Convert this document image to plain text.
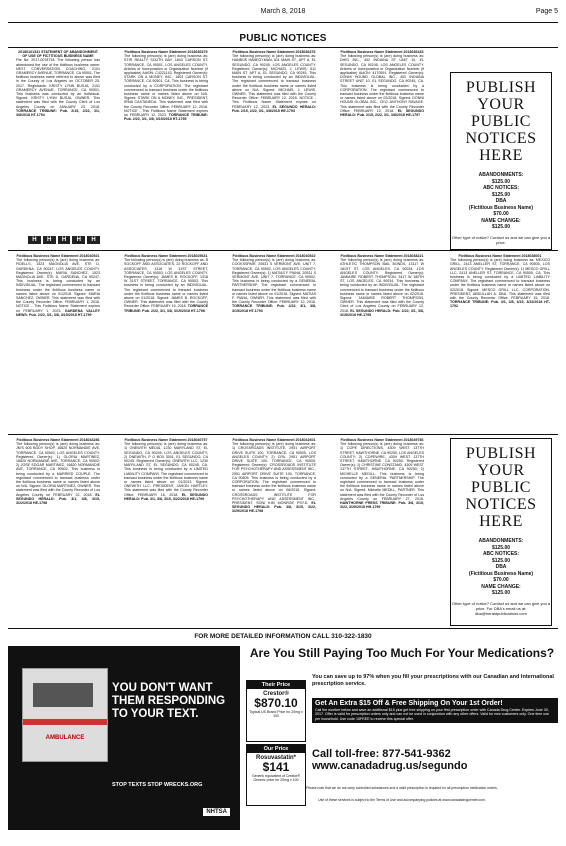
March 8, 2018	Page 5
PUBLIC NOTICES
20180161331 STATEMENT OF ABANDONMENT OF USE OF FICTITIOUS BUSINESS NAME
File No: 2017-0078734. The following person has abandoned the use of the fictitious business name: NEXT CONVERSATION COACHING, 2101 GRAMERCY AVENUE, TORRANCE, CA 90501. The fictitious business name referred to above was filed in the County of Los Angeles on OCTOBER 25, 2017. Registrants: KRISTY LYNN BUSJA, 2101 GRAMERCY AVENUE, TORRANCE, CA 90501. This business was conducted by an Individual. Signed: KRISTY LYNN BUSJA, OWNER. This statement was filed with the County Clerk of Los Angeles County on JANUARY 23, 2018. TORRANCE TRIBUNE: Pub. 2/15, 2/22, 3/1, 3/8/2018 HT-1794
Fictitious Business Name Statement 2018036379
The following person(s) is (are) doing business as: STIR REALTY SOUTH BAY, 1603 CARSON ST. TORRANCE, CA 90501, LOS ANGELES COUNTY. Articles of Incorporation or Organization Number (if applicable) AI#ON: C4221143. Registered Owner(s): STARK ON A MONEY, INC., 1603 CARSON ST. TORRANCE, CA 90501, CA. This business is being conducted by a CORPORATION. The registrant commenced to transact business under the fictitious business name or names listed above on N/A. Signed: STARK ON A MONEY, INC., PRESIDENT, IRMA CASTANEDA. This statement was filed with the County Recorder Office: FEBRUARY 12, 2018. NOTICE - This Fictitious Name Statement expires on FEBRUARY 12, 2023. TORRANCE TRIBUNE: Pub. 2/22, 3/1, 3/8, 3/15/2018 HT-1795
Fictitious Business Name Statement 2018036376
The following person(s) is (are) doing business as: HANBOK HANEGYMAN, 611 MAIN ST., APT A, EL SEGUNDO, CA 90245, LOS ANGELES COUNTY. Registered Owner(s): MICHAEL J. LEWIS, 611 MAIN ST. APT A, EL SEGUNDO, CA 90245. This business is being conducted by an INDIVIDUAL. The registrant commenced to transact business under the fictitious business name or names listed above on N/A. Signed: MICHAEL J. LEWIS, OWNER. This statement was filed with the County Recorder Office: FEBRUARY 12, 2018. NOTICE - This Fictitious Name Statement expires on FEBRUARY 12, 2023. EL SEGUNDO HERALD: Pub. 2/15, 2/22, 3/1, 3/8/2018 HE-1793
Fictitious Business Name Statement 2018036443
The following person(s) is (are) doing business as: DHIG INC., 402 INDIANA ST UNIT 10, EL SEGUNDO, CA 90245, LOS ANGELES COUNTY. Articles of Incorporation or Organization Number (if applicable) AI#ON: 4170591. Registered Owner(s): DONNI HOUND GLOBAL INC., 402 INDIANA STREET UNIT 10, EL SEGUNDO, CA 90245, CA. This business is being conducted by a CORPORATION. The registrant commenced to transact business under the fictitious business name or names listed above on 02/2018. Signed: DONNI HOUND GLOBAL INC., CEO, ANTHONY RAVAGE. This statement was filed with the County Recorder Office: FEBRUARY 12, 2018. EL SEGUNDO HERALD: Pub. 2/15, 2/22, 3/1, 3/8/2018 HE-1797
H	H	H	H	H
PUBLISH
YOUR
PUBLIC
NOTICES
HERE
ABANDONMENTS:
$125.00
ABC NOTICES:
$125.00
DBA
(Fictitious Business Name)
$70.00
NAME CHANGE:
$125.00
Other type of notice? Contact us and we can give you a price.
Fictitious Business Name Statement 2018040521
The following person(s) is (are) doing business as: FIDELLS, 1523 MAGNOLIA AVE, STE D, GARDENA, CA 90247, LOS ANGELES COUNTY. Registered Owner(s): MARIA SANCHEZ, 1523 MAGNOLIA AVE, STE D, GARDENA, CA 90247. This business is being conducted by an INDIVIDUAL. The registrant commenced to transact business under the fictitious business name or names listed above on 01/2018. Signed: MARIA SANCHEZ, OWNER. This statement was filed with the County Recorder Office: FEBRUARY 1, 2018. NOTICE - This Fictitious Name Statement expires on FEBRUARY 1, 2023. GARDENA VALLEY NEWS: Pub. 2/22, 3/1, 3/8, 3/15/2018 HT-1799
Fictitious Business Name Statement 2018025631
The following person(s) is (are) doing business as: B SOCKOFF AND ASSOCIATES, 22 ROCKOFF AND ASSOCIATES, 1318 W 31ST STREET, TORRANCE, CA 90503, LOS ANGELES COUNTY. Registered Owner(s): JAMES B. ROCKOFF, 1318 W 31ST STREET, TORRANCE, CA 90503. This business is being conducted by an INDIVIDUAL. The registrant commenced to transact business under the fictitious business name or names listed above on 01/2018. Signed: JAMES B. ROCKOFF, OWNER. This statement was filed with the County Recorder Office: FEBRUARY 15, 2018. TORRANCE TRIBUNE: Pub. 2/22, 3/1, 3/8, 3/15/2018 HT-1798
Fictitious Business Name Statement 2018040522
The following person(s) is (are) doing business as: COOKSSPAIR, 20531 S VERMONT AVE, UNIT 7, TORRANCE, CA 90502, LOS ANGELES COUNTY. Registered Owner(s): 1) MATIAS F PIANA, 20531 S VERMONT AVE, UNIT 7, TORRANCE, CA 90502. This business is being conducted by a GENERAL PARTNERSHIP. The registrant commenced to transact business under the fictitious business name or names listed above on 01/2018. Signed: MATIAS F. PIANA, OWNER. This statement was filed with the County Recorder Office: FEBRUARY 12, 2018. TORRANCE TRIBUNE: Pub. 2/22, 3/1, 3/8, 3/15/2018 HT-1793
Fictitious Business Name Statement 2018038221
The following person(s) is (are) doing business as: ATHLETIC THOMPSON BAIL BONDS, 13117 W 181ST ST, LOS ANGELES, CA 90034, LOS ANGELES COUNTY. Registered Owner(s): JAMIAIRE ROBERT THOMPSON, 3417 W 180TH ST, LOS ANGELES, CA 90034. This business is being conducted by an INDIVIDUAL. The registrant commenced to transact business under the fictitious business name or names listed above on 02/2018. Signed: JAMIAIRE ROBERT THOMPSON, OWNER. This statement was filed with the County Clerk of Los Angeles County on FEBRUARY 12, 2018. EL SEGUNDO HERALD: Pub. 2/22, 3/1, 3/8, 3/15/2018 HE-1795
Fictitious Business Name Statement 2018038001
The following person(s) is (are) doing business as: MEXICO GRILL, 2413 ANELLER ST, TORRANCE, CA 90505, LOS ANGELES COUNTY. Registered Owner(s): 1) MESCO GRILL LLC, 2413 ANELLER ST, TORRANCE, CA 90505, CA. This business is being conducted by a LIMITED LIABILITY COMPANY. The registrant commenced to transact business under the fictitious business name or names listed above on 02/2018. Signed: MESCO GRILL LLC, CORPORATION, PRESIDENT, ABDULLAH A. DBA. This statement was filed with the County Recorder Office: FEBRUARY 15, 2018. TORRANCE TRIBUNE: Pub. 3/1, 3/8, 3/15, 3/22/2018 HT-1792
Fictitious Business Name Statement 2018044286
The following person(s) is (are) doing business as: JM'S 605 BODY SHOP, 16820 NORMANDIE AVE, TORRANCE, CA 90502, LOS ANGELES COUNTY. Registered Owner(s): 1) GLORIA MARTINEZ, 16820 NORMANDIE AVE, TORRANCE, CA 90502; 2) JOSE EDGAR MARTINEZ, 16820 NORMANDIE AVE, TORRANCE, CA 90502. This business is being conducted by a MARRIED COUPLE. The registrant commenced to transact business under the fictitious business name or names listed above on N/A. Signed: GLORIA MARTINEZ, OWNER. This statement was filed with the County Recorder of Los Angeles County on FEBRUARY 22, 2018. EL SEGUNDO HERALD: Pub. 3/1, 3/8, 3/15, 3/22/2018 HE-1798
Fictitious Business Name Statement 2018040757
The following person(s) is (are) doing business as: 1) ONEWITH MEDIA, 1230 MARYLAND ST, EL SEGUNDO, CA 90245, LOS ANGELES COUNTY; 2) ONEWITH, P O BOX 3001, EL SEGUNDO, CA 90245. Registered Owner(s): ONEWITH LLC, 1230 MARYLAND ST, EL SEGUNDO, CA 90245, CA. This business is being conducted by a LIMITED LIABILITY COMPANY. The registrant commenced to transact business under the fictitious business name or names listed above on: 01/2013. Signed: ONEWITH LLC, PRESIDENT, JASON HARTLEY. This statement was filed with the County Recorder Office: FEBRUARY 16, 2018. EL SEGUNDO HERALD: Pub. 3/1, 3/8, 3/15, 3/22/2018 HE-1799
Fictitious Business Name Statement 2018042601
The following person(s) is (are) doing business as: 1) CROSSROADS INSTITUTE, 2951 AIRPORT DRIVE SUITE 100, TORRANCE, CA 90505, LOS ANGELES COUNTY; 2) CPA, 2951 AIRPORT DRIVE SUITE 100, TORRANCE, CA 90505. Registered Owner(s): CROSSROADS INSTITUTE FOR PSYCHOTHERAPY AND ASSESSMENT INC., 2951 AIRPORT DRIVE SUITE 100, TORRANCE, CA 90505. This business is being conducted by a CORPORATION. The registrant commenced to transact business under the fictitious business name or names listed above on 06/2015. Signed: CROSSROADS INSTITUTE FOR PSYCHOTHERAPY AND ASSESSMENT INC., PRESIDENT, SONI KIM MONROE PSY.D. EL SEGUNDO HERALD: Pub. 3/8, 3/15, 3/22, 3/29/2018 HE-1798
Fictitious Business Name Statement 2018049786
The following person(s) is (are) doing business as: 1) COPE DIRECTIONS, 4309 WEST 137TH STREET, HAWTHORNE, CA 90250, LOS ANGELES COUNTY; 2) COPEWIRE, 4309 WEST 137TH STREET, HAWTHORNE, CA 90250. Registered Owner(s): 1) CHRISTINE CONSTAND, 4309 WEST 137TH STREET, HAWTHORNE, CA 90250; 2) MICHELLE MEDILL. This business is being conducted by a GENERAL PARTNERSHIP. The registrant commenced to transact business under the fictitious business name or names listed above on N/A. Signed: Michelle MEDILL, PARTNER. This statement was filed with the County Recorder of Los Angeles County on FEBRUARY 27, 2018. HAWTHORNE PRESS TRIBUNE: Pub. 3/8, 3/15, 3/22, 3/29/2018 HH-1799
PUBLISH
YOUR
PUBLIC
NOTICES
HERE
ABANDONMENTS:
$125.00
ABC NOTICES:
$125.00
DBA
(Fictitious Business Name)
$70.00
NAME CHANGE:
$125.00
Other type of notice? Contact us and we can give you a price. For DBA's email us at: dba@heraldpublications.com
FOR MORE DETAILED INFORMATION CALL 310-322-1830
AMBULANCE
YOU DON'T WANT THEM RESPONDING TO YOUR TEXT.
STOP TEXTS STOP WRECKS.ORG
NHTSA
Are You Still Paying Too Much For Your Medications?
You can save up to 97% when you fill your prescriptions with our Canadian and International prescription service.
Their Price
Crestor®
$870.10
Typical US Brand Price for 20mg x 100
Our Price
Rosuvastatin*
$141
Generic equivalent of Crestor® Generic price for 20mg x 100
Get An Extra $15 Off & Free Shipping On Your 1st Order!
Call the number below and save an additional $15 plus get free shipping on your first prescription order with Canada Drug Center. Expires June 30, 2017. Offer is valid for prescription orders only and can not be used in conjunction with any other offers. Valid for new customers only. One time use per household. Use code 15FREE to receive this special offer.
Call toll-free: 877-541-9362
www.canadadrug.us/segundo
Please note that we do not carry controlled substances and a valid prescription is required for all prescription medication orders.
Use of these services is subject to the Terms of Use and accompanying policies at www.canadadrugcenter.com.
